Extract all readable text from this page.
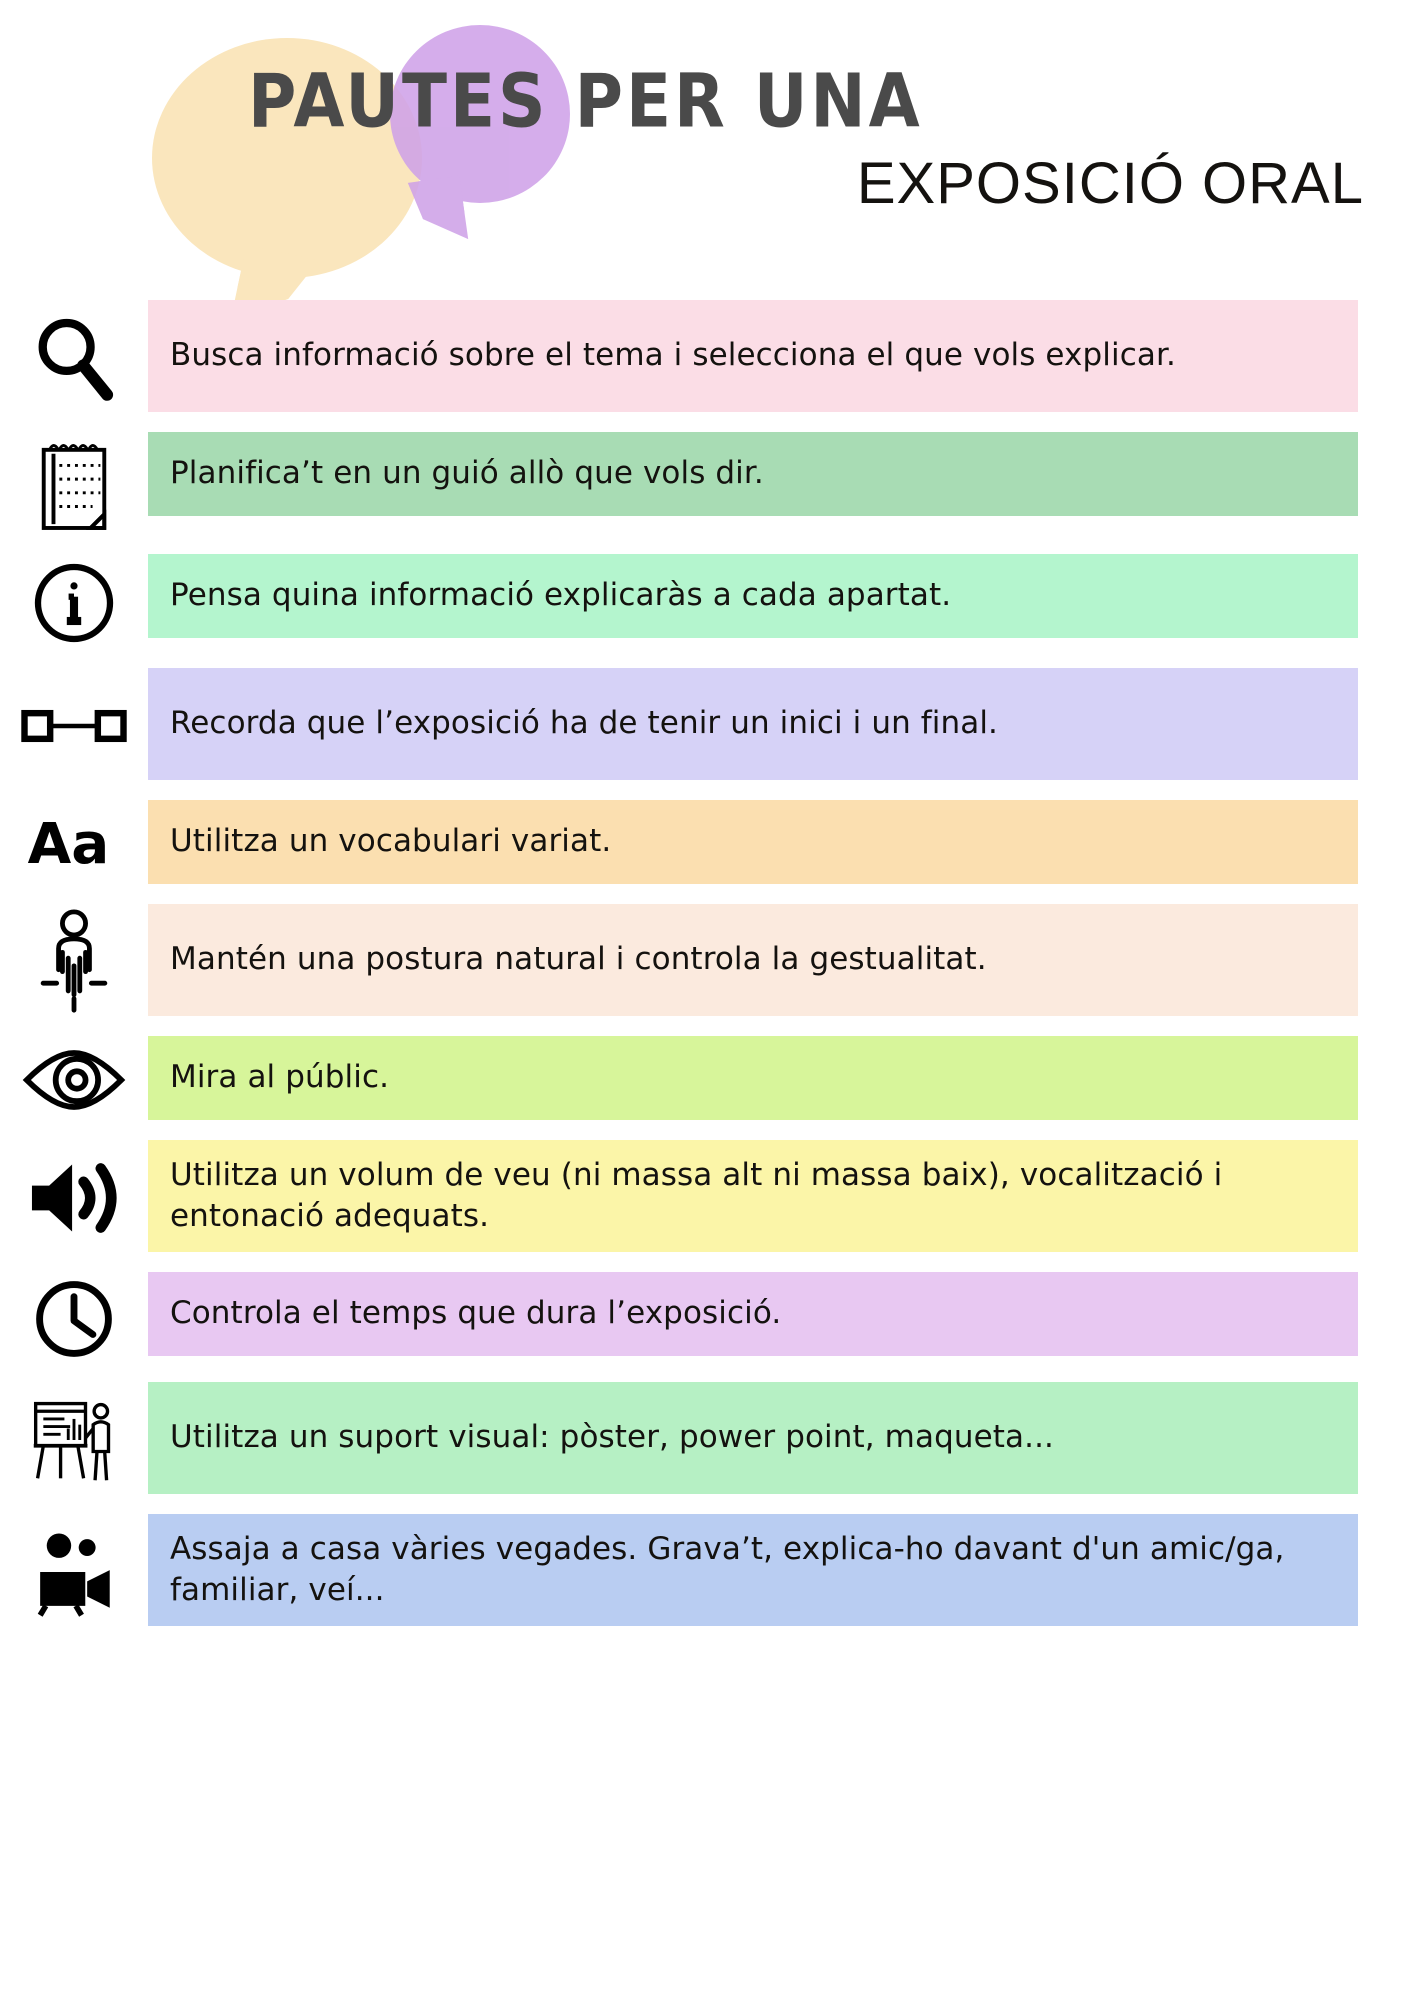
PAUTES PER UNA
EXPOSICIÓ ORAL
Busca informació sobre el tema i selecciona el que vols explicar.
Planifica’t en un guió allò que vols dir.
Pensa quina informació explicaràs a cada apartat.
Recorda que l’exposició ha de tenir un inici i un final.
Aa Utilitza un vocabulari variat.
Mantén una postura natural i controla la gestualitat.
Mira al públic.
Utilitza un volum de veu (ni massa alt ni massa baix), vocalització i entonació adequats.
Controla el temps que dura l’exposició.
Utilitza un suport visual: pòster, power point, maqueta...
Assaja a casa vàries vegades. Grava’t, explica-ho davant d'un amic/ga, familiar, veí...
